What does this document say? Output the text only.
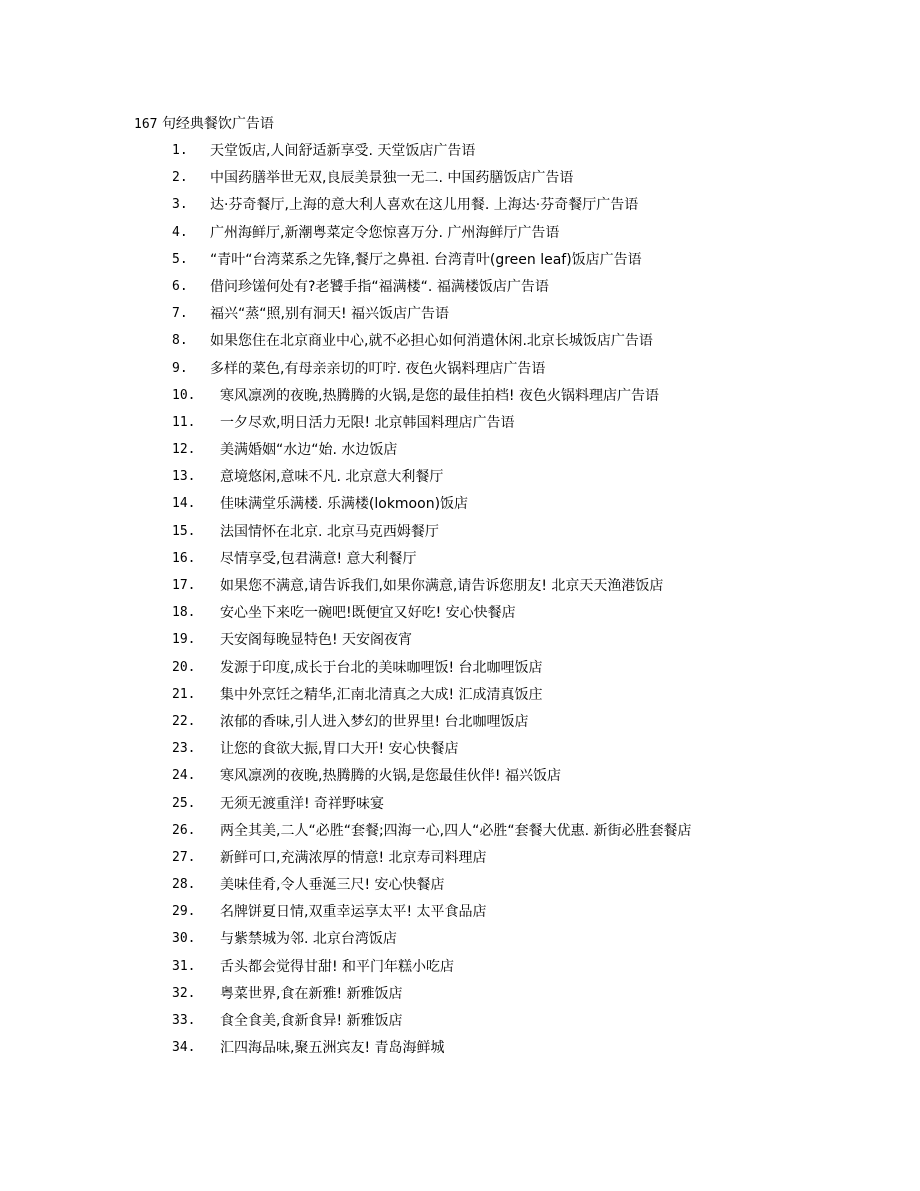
167 句经典餐饮广告语
1.	天堂饭店,人间舒适新享受. 天堂饭店广告语
2.	中国药膳举世无双,良辰美景独一无二. 中国药膳饭店广告语
3.	达·芬奇餐厅,上海的意大利人喜欢在这儿用餐. 上海达·芬奇餐厅广告语
4.	广州海鲜厅,新潮粤菜定令您惊喜万分. 广州海鲜厅广告语
5.	“青叶“台湾菜系之先锋,餐厅之鼻祖. 台湾青叶(green leaf)饭店广告语
6.	借问珍馐何处有?老饕手指“福满楼“. 福满楼饭店广告语
7.	福兴“蒸“照,别有洞天! 福兴饭店广告语
8.	如果您住在北京商业中心,就不必担心如何消遣休闲.北京长城饭店广告语
9.	多样的菜色,有母亲亲切的叮咛. 夜色火锅料理店广告语
10.	寒风凛冽的夜晚,热腾腾的火锅,是您的最佳拍档! 夜色火锅料理店广告语
11.	一夕尽欢,明日活力无限! 北京韩国料理店广告语
12.	美满婚姻“水边“始. 水边饭店
13.	意境悠闲,意味不凡. 北京意大利餐厅
14.	佳味满堂乐满楼. 乐满楼(lokmoon)饭店
15.	法国情怀在北京. 北京马克西姆餐厅
16.	尽情享受,包君满意! 意大利餐厅
17.	如果您不满意,请告诉我们,如果你满意,请告诉您朋友! 北京天天渔港饭店
18.	安心坐下来吃一碗吧!既便宜又好吃! 安心快餐店
19.	天安阁每晚显特色! 天安阁夜宵
20.	发源于印度,成长于台北的美味咖哩饭! 台北咖哩饭店
21.	集中外烹饪之精华,汇南北清真之大成! 汇成清真饭庄
22.	浓郁的香味,引人进入梦幻的世界里! 台北咖哩饭店
23.	让您的食欲大振,胃口大开! 安心快餐店
24.	寒风凛冽的夜晚,热腾腾的火锅,是您最佳伙伴! 福兴饭店
25.	无须无渡重洋! 奇祥野味宴
26.	两全其美,二人“必胜“套餐;四海一心,四人“必胜“套餐大优惠. 新街必胜套餐店
27.	新鲜可口,充满浓厚的情意! 北京寿司料理店
28.	美味佳肴,令人垂涎三尺! 安心快餐店
29.	名牌饼夏日情,双重幸运享太平! 太平食品店
30.	与紫禁城为邻. 北京台湾饭店
31.	舌头都会觉得甘甜! 和平门年糕小吃店
32.	粤菜世界,食在新雅! 新雅饭店
33.	食全食美,食新食异! 新雅饭店
34.	汇四海品味,聚五洲宾友! 青岛海鲜城
